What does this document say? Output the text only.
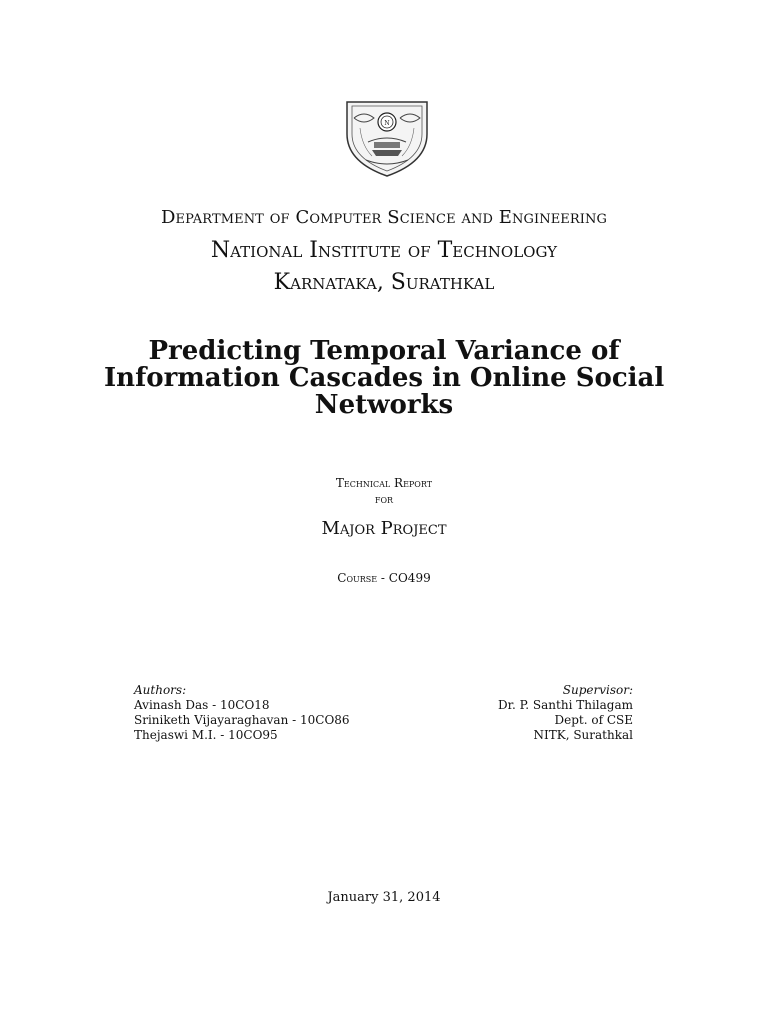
N
Department of Computer Science and Engineering
National Institute of Technology
Karnataka, Surathkal
Predicting Temporal Variance of
Information Cascades in Online Social
Networks
Technical Report
for
Major Project
Course - CO499
Authors:
Avinash Das - 10CO18
Sriniketh Vijayaraghavan - 10CO86
Thejaswi M.I. - 10CO95
Supervisor:
Dr. P. Santhi Thilagam
Dept. of CSE
NITK, Surathkal
January 31, 2014
